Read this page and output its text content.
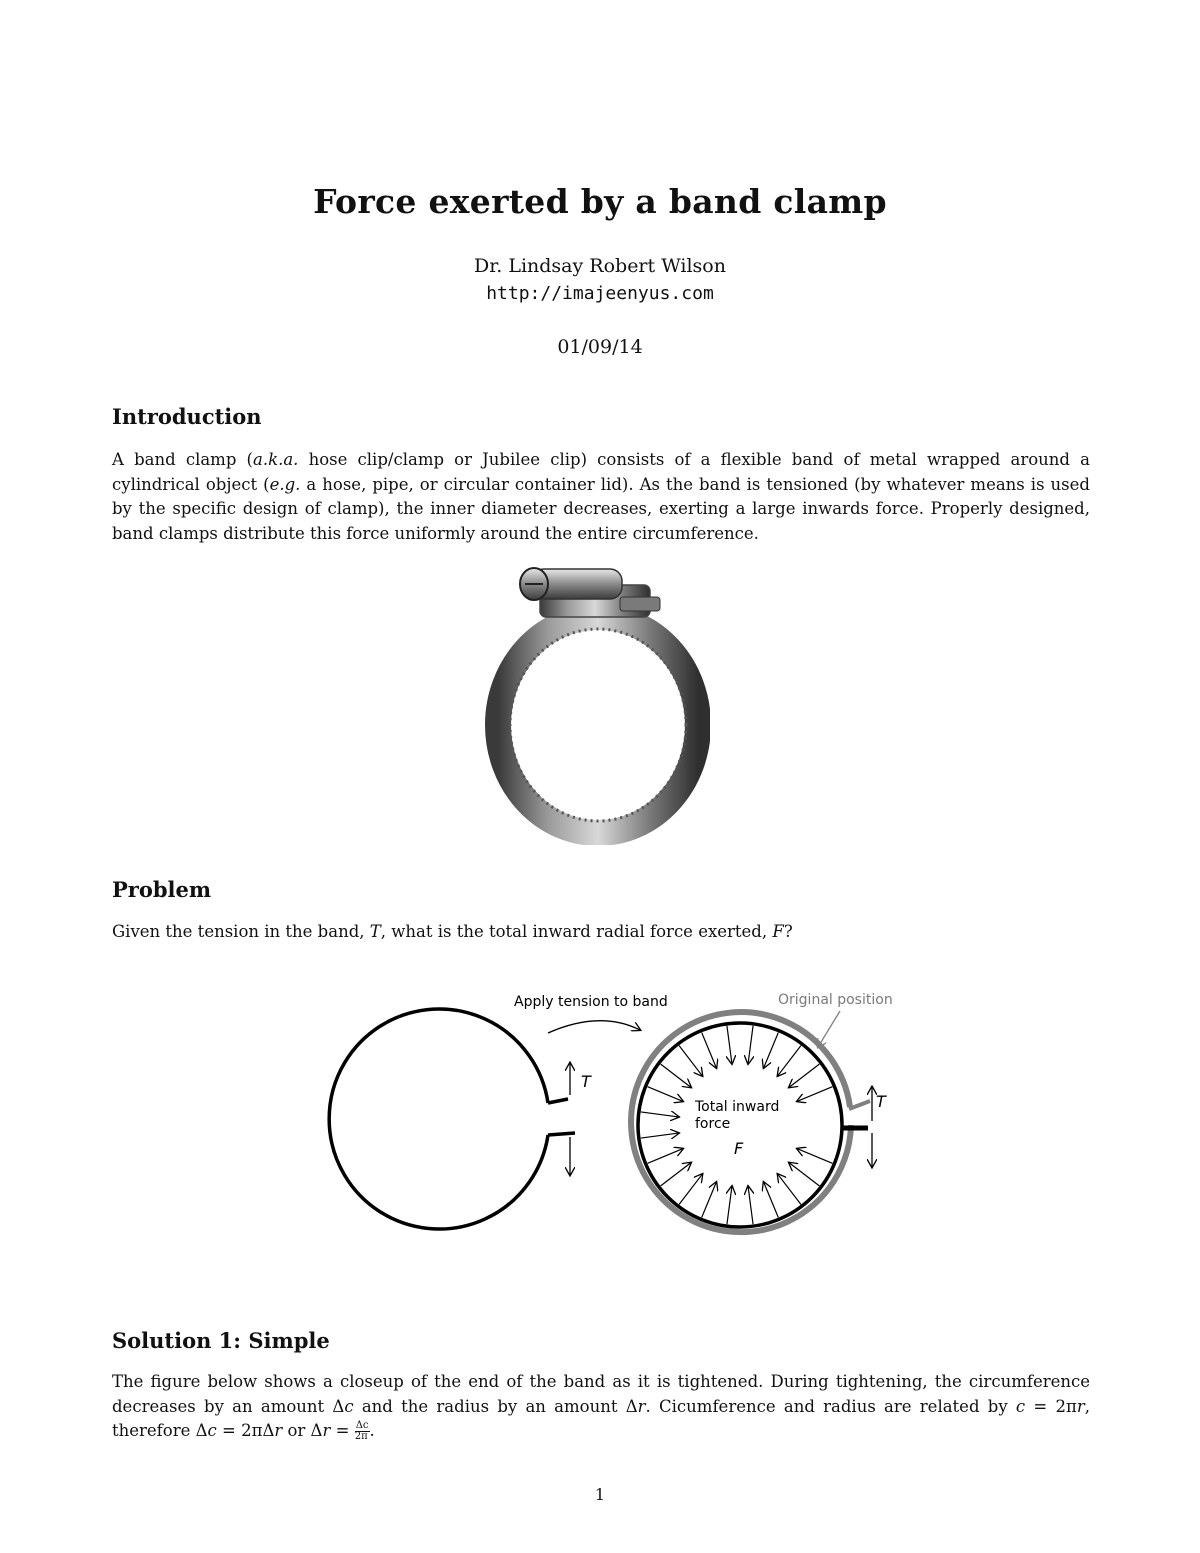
Force exerted by a band clamp
Dr. Lindsay Robert Wilson
http://imajeenyus.com
01/09/14
Introduction
A band clamp (a.k.a. hose clip/clamp or Jubilee clip) consists of a flexible band of metal wrapped around a
cylindrical object (e.g. a hose, pipe, or circular container lid). As the band is tensioned (by whatever means is used
by the specific design of clamp), the inner diameter decreases, exerting a large inwards force. Properly designed,
band clamps distribute this force uniformly around the entire circumference.
Problem
Given the tension in the band, T, what is the total inward radial force exerted, F?
T
Apply tension to band	Original position
T
Total inward
force
F
Solution 1: Simple
The figure below shows a closeup of the end of the band as it is tightened. During tightening, the circumference
decreases by an amount Δc and the radius by an amount Δr. Cicumference and radius are related by c = 2πr,
therefore Δc = 2πΔr or $\Delta r = \frac{\Delta c}{2\pi}$ .
1
